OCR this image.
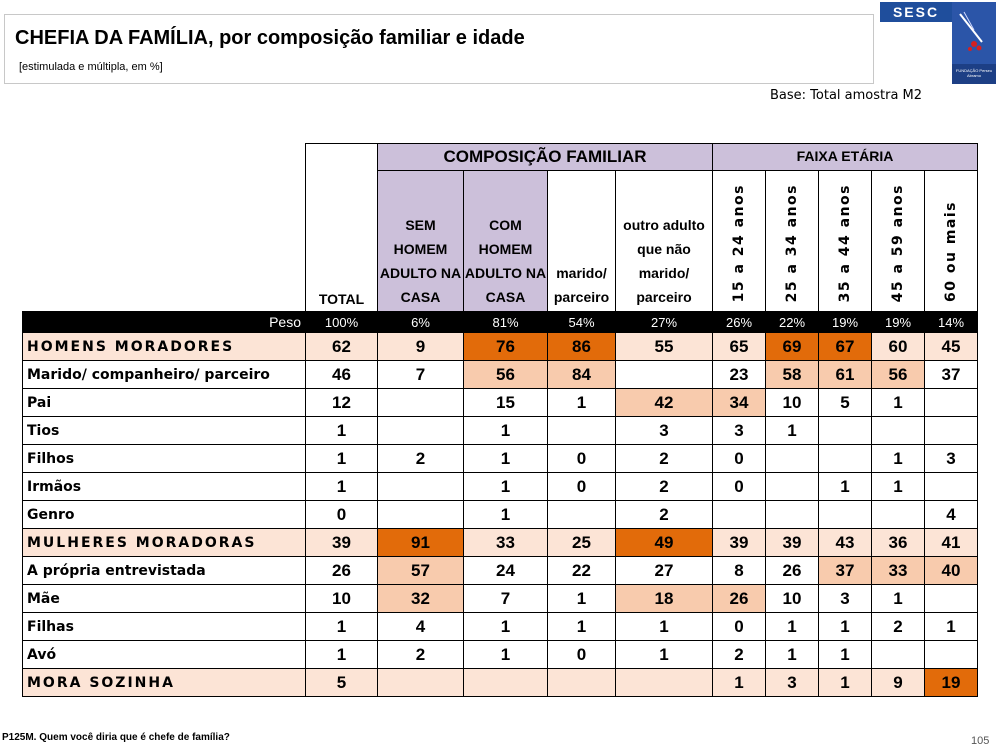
CHEFIA DA FAMÍLIA, por composição familiar e idade
[estimulada e múltipla, em %]
SESC
FUNDAÇÃO Perseu Abramo
Base: Total amostra M2
	TOTAL	COMPOSIÇÃO FAMILIAR				FAIXA ETÁRIA				
		SEM HOMEM ADULTO NA CASA	COM HOMEM ADULTO NA CASA	marido/ parceiro	outro adulto que não marido/ parceiro	15 a 24 anos	25 a 34 anos	35 a 44 anos	45 a 59 anos	60 ou mais
Peso	100%	6%	81%	54%	27%	26%	22%	19%	19%	14%
HOMENS MORADORES	62	9	76	86	55	65	69	67	60	45
Marido/ companheiro/ parceiro	46	7	56	84		23	58	61	56	37
Pai	12		15	1	42	34	10	5	1	
Tios	1		1		3	3	1			
Filhos	1	2	1	0	2	0			1	3
Irmãos	1		1	0	2	0		1	1	
Genro	0		1		2					4
MULHERES MORADORAS	39	91	33	25	49	39	39	43	36	41
A própria entrevistada	26	57	24	22	27	8	26	37	33	40
Mãe	10	32	7	1	18	26	10	3	1	
Filhas	1	4	1	1	1	0	1	1	2	1
Avó	1	2	1	0	1	2	1	1		
MORA SOZINHA	5					1	3	1	9	19
P125M. Quem você diria que é chefe de família?	105
